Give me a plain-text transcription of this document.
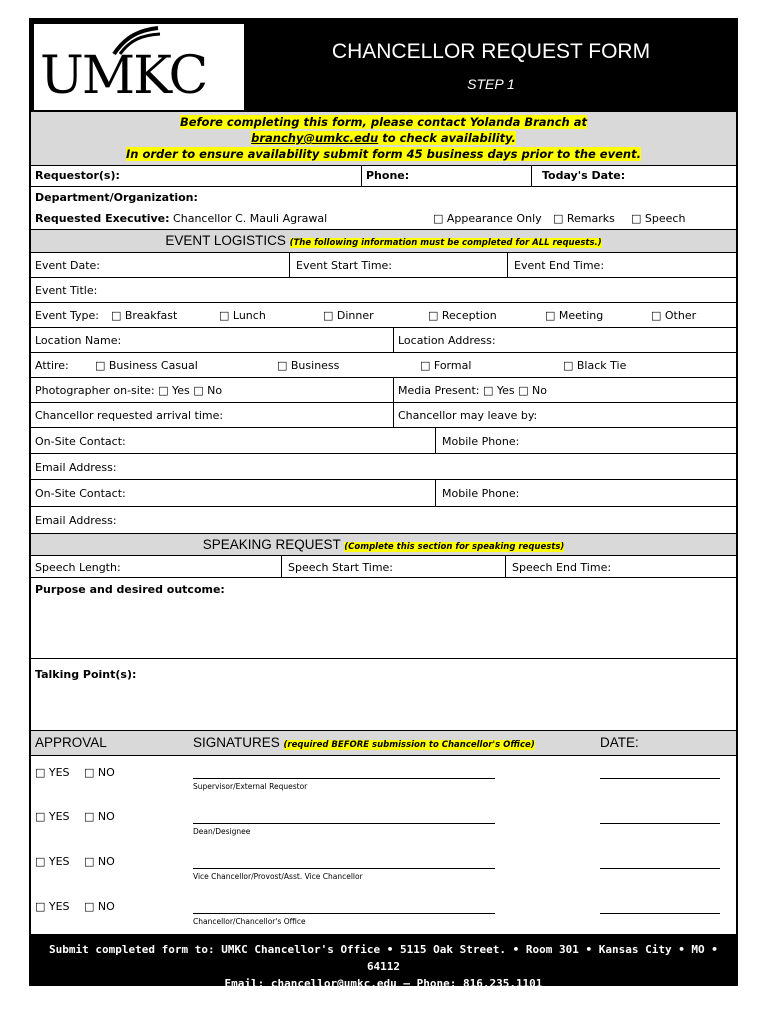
UMKC	CHANCELLOR REQUEST FORM
STEP 1
Before completing this form, please contact Yolanda Branch at
branchy@umkc.edu to check availability.
In order to ensure availability submit form 45 business days prior to the event.
Requestor(s):	Phone:	Today's Date:
Department/Organization:
Requested Executive: Chancellor C. Mauli Agrawal	□ Appearance Only	□ Remarks	□ Speech
EVENT LOGISTICS (The following information must be completed for ALL requests.)
Event Date:	Event Start Time:	Event End Time:
Event Title:
Event Type:	□ Breakfast	□ Lunch	□ Dinner	□ Reception	□ Meeting	□ Other
Location Name:	Location Address:
Attire:	□ Business Casual	□ Business	□ Formal	□ Black Tie
Photographer on-site: □ Yes □ No	Media Present: □ Yes □ No
Chancellor requested arrival time:	Chancellor may leave by:
On-Site Contact:	Mobile Phone:
Email Address:
On-Site Contact:	Mobile Phone:
Email Address:
SPEAKING REQUEST (Complete this section for speaking requests)
Speech Length:	Speech Start Time:	Speech End Time:
Purpose and desired outcome:
Talking Point(s):
APPROVAL	SIGNATURES (required BEFORE submission to Chancellor's Office)	DATE:
□ YES □ NO
Supervisor/External Requestor
□ YES □ NO
Dean/Designee
□ YES □ NO
Vice Chancellor/Provost/Asst. Vice Chancellor
□ YES □ NO
Chancellor/Chancellor's Office
Submit completed form to: UMKC Chancellor's Office • 5115 Oak Street. • Room 301 • Kansas City • MO • 64112
Email: chancellor@umkc.edu — Phone: 816.235.1101
